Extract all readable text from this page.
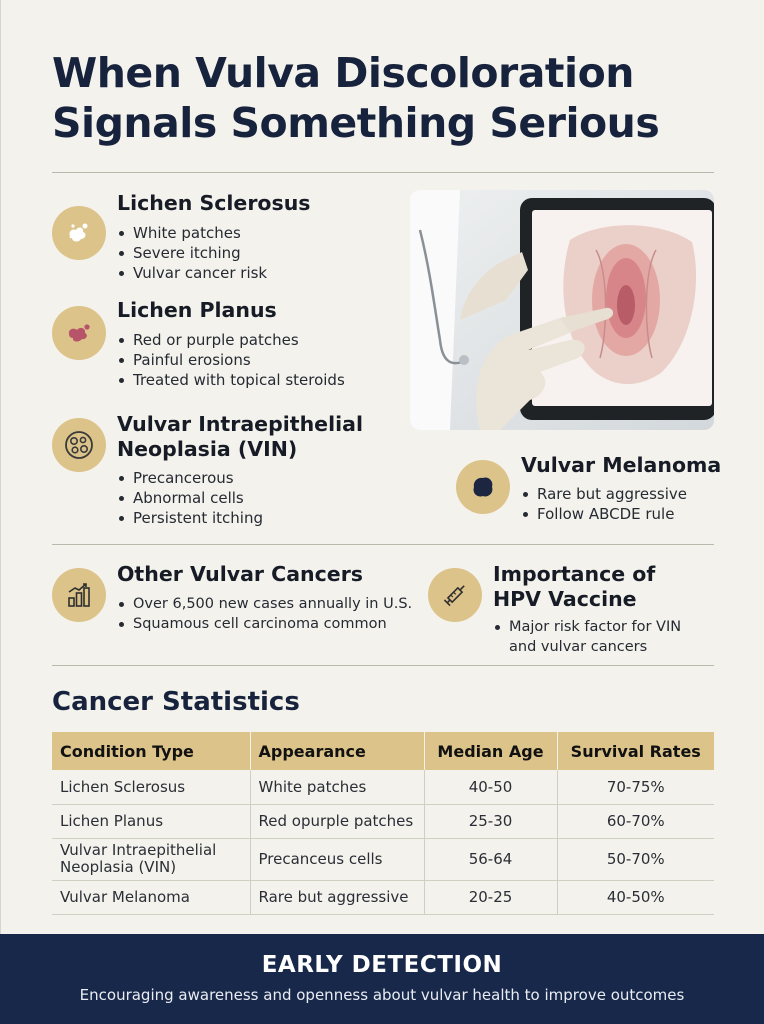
When Vulva Discoloration Signals Something Serious
Lichen Sclerosus
White patches
Severe itching
Vulvar cancer risk
Lichen Planus
Red or purple patches
Painful erosions
Treated with topical steroids
Vulvar Intraepithelial
Neoplasia (VIN)
Precancerous
Abnormal cells
Persistent itching
Vulvar Melanoma
Rare but aggressive
Follow ABCDE rule
Other Vulvar Cancers
Over 6,500 new cases annually in U.S.
Squamous cell carcinoma common
Importance of
HPV Vaccine
Major risk factor for VIN
and vulvar cancers
Cancer Statistics
Condition Type	Appearance	Median Age	Survival Rates
Lichen Sclerosus	White patches	40-50	70-75%
Lichen Planus	Red opurple patches	25-30	60-70%
Vulvar Intraepithelial
Neoplasia (VIN)	Precanceus cells	56-64	50-70%
Vulvar Melanoma	Rare but aggressive	20-25	40-50%
EARLY DETECTION
Encouraging awareness and openness about vulvar health to improve outcomes
